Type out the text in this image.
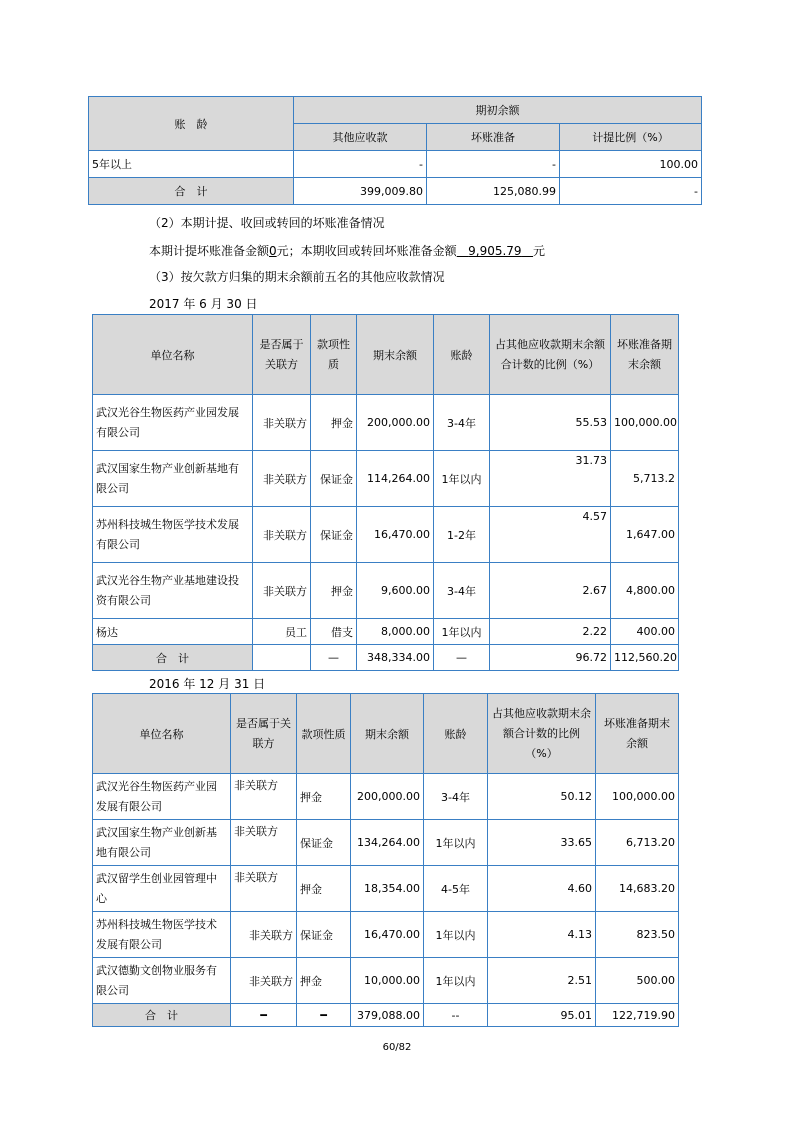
账　龄	期初余额		
	其他应收款	坏账准备	计提比例（%）
5年以上	-	-	100.00
合　计	399,009.80	125,080.99	-
（2）本期计提、收回或转回的坏账准备情况
本期计提坏账准备金额0元；本期收回或转回坏账准备金额 9,905.79 元
（3）按欠款方归集的期末余额前五名的其他应收款情况
2017 年 6 月 30 日
单位名称	是否属于关联方	款项性质	期末余额	账龄	占其他应收款期末余额合计数的比例（%）	坏账准备期末余额
武汉光谷生物医药产业园发展有限公司	非关联方	押金	200,000.00	3-4年	55.53	100,000.00
武汉国家生物产业创新基地有限公司	非关联方	保证金	114,264.00	1年以内	31.73	5,713.2
苏州科技城生物医学技术发展有限公司	非关联方	保证金	16,470.00	1-2年	4.57	1,647.00
武汉光谷生物产业基地建设投资有限公司	非关联方	押金	9,600.00	3-4年	2.67	4,800.00
杨达	员工	借支	8,000.00	1年以内	2.22	400.00
合　计		—	348,334.00	—	96.72	112,560.20
2016 年 12 月 31 日
单位名称	是否属于关联方	款项性质	期末余额	账龄	占其他应收款期末余额合计数的比例（%）	坏账准备期末余额
武汉光谷生物医药产业园发展有限公司	非关联方	押金	200,000.00	3-4年	50.12	100,000.00
武汉国家生物产业创新基地有限公司	非关联方	保证金	134,264.00	1年以内	33.65	6,713.20
武汉留学生创业园管理中心	非关联方	押金	18,354.00	4-5年	4.60	14,683.20
苏州科技城生物医学技术发展有限公司	非关联方	保证金	16,470.00	1年以内	4.13	823.50
武汉德勤文创物业服务有限公司	非关联方	押金	10,000.00	1年以内	2.51	500.00
合　计	━	━	379,088.00	--	95.01	122,719.90
60/82
